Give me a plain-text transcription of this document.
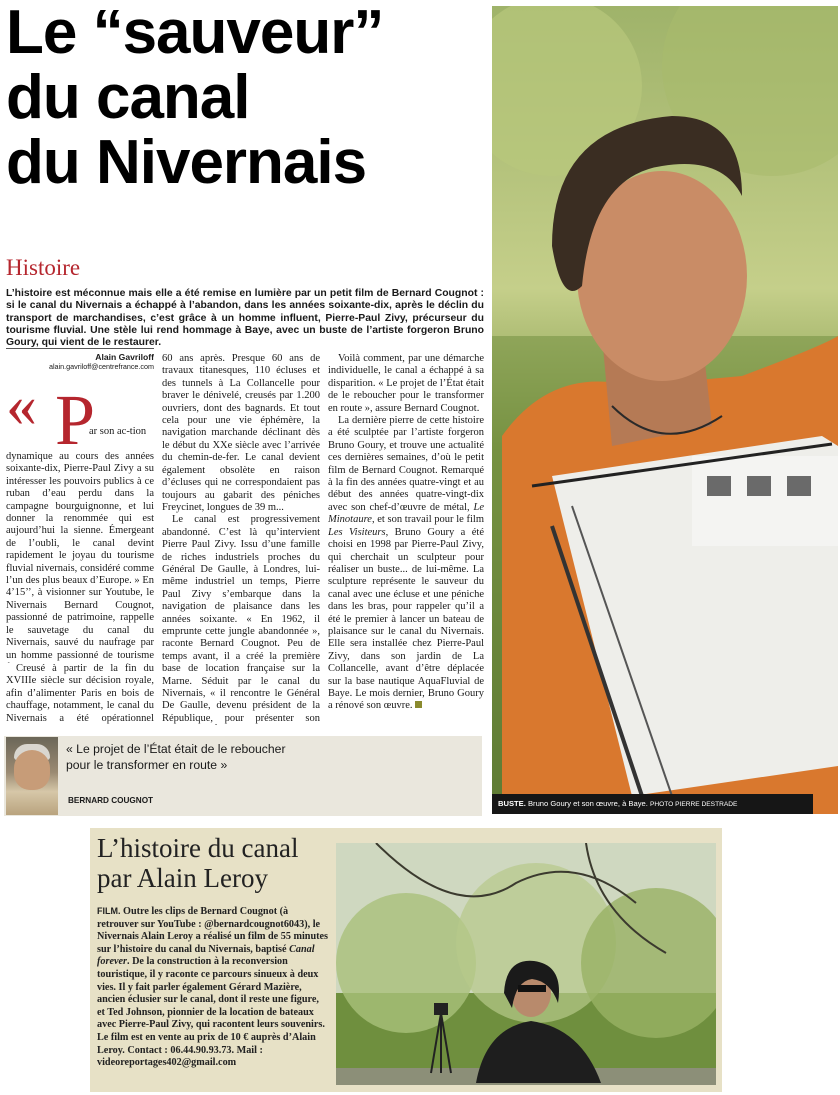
Le “sauveur”
du canal
du Nivernais
Histoire
L’histoire est méconnue mais elle a été remise en lumière par un petit film de Bernard Cougnot : si le canal du Nivernais a échappé à l’abandon, dans les années soixante-dix, après le déclin du transport de marchandises, c’est grâce à un homme influent, Pierre-Paul Zivy, précurseur du tourisme fluvial. Une stèle lui rend hommage à Baye, avec un buste de l’artiste forgeron Bruno Goury, qui vient de le restaurer.
Alain Gavriloff
alain.gavriloff@centrefrance.com
« P

ar son ac-tion

dynamique au cours des années soixante-dix, Pierre-Paul Zivy a su intéresser les pouvoirs publics à ce ruban d’eau perdu dans la campagne bourguignonne, et lui donner la renommée qui est aujourd’hui la sienne. Émergeant de l’oubli, le canal devint rapidement le joyau du tourisme fluvial nivernais, considéré comme l’un des plus beaux d’Europe. » En 4’15’’, à visionner sur Youtube, le Nivernais Bernard Cougnot, passionné de patrimoine, rappelle le sauvetage du canal du Nivernais, sauvé du naufrage par un homme passionné de tourisme

Creusé à partir de la fin du XVIIIe siècle sur décision royale, afin d’alimenter Paris en bois de chauffage, notamment, le canal du Nivernais a été opérationnel

60 ans après. Presque 60 ans de travaux titanesques, 110 écluses et des tunnels à La Collancelle pour braver le dénivelé, creusés par 1.200 ouvriers, dont des bagnards. Et tout cela pour une vie éphémère, la navigation marchande déclinant dès le début du XXe siècle avec l’arrivée du chemin-de-fer. Le canal devient également obsolète en raison d’écluses qui ne correspondaient pas toujours au gabarit des péniches Freycinet, longues de 39 m...

Le canal est progressivement abandonné. C’est là qu’intervient Pierre Paul Zivy. Issu d’une famille de riches industriels proches du Général De Gaulle, à Londres, lui-même industriel un temps, Pierre Paul Zivy s’embarque dans la navigation de plaisance dans les années soixante. « En 1962, il emprunte cette jungle abandonnée », raconte Bernard Cougnot. Peu de temps avant, il a créé la première base de location française sur la Marne. Séduit par le canal du Nivernais, « il rencontre le Général De Gaulle, devenu président de la République, pour présenter son

Voilà comment, par une démarche individuelle, le canal a échappé à sa disparition. « Le projet de l’État était de le reboucher pour le transformer en route », assure Bernard Cougnot.

La dernière pierre de cette histoire a été sculptée par l’artiste forgeron Bruno Goury, et trouve une actualité ces dernières semaines, d’où le petit film de Bernard Cougnot. Remarqué à la fin des années quatre-vingt et au début des années quatre-vingt-dix avec son chef-d’œuvre de métal, Le Minotaure, et son travail pour le film Les Visiteurs, Bruno Goury a été choisi en 1998 par Pierre-Paul Zivy, qui cherchait un sculpteur pour réaliser un buste... de lui-même. La sculpture représente le sauveur du canal avec une écluse et une péniche dans les bras, pour rappeler qu’il a été le premier à lancer un bateau de plaisance sur le canal du Nivernais. Elle sera installée chez Pierre-Paul Zivy, dans son jardin de La Collancelle, avant d’être déplacée sur la base nautique AquaFluvial de Baye. Le mois dernier, Bruno Goury a rénové son œuvre.

« Le projet de l’État était de le reboucher pour le transformer en route »
BERNARD COUGNOT	BUSTE. Bruno Goury et son œuvre, à Baye. PHOTO PIERRE DESTRADE
L’histoire du canal par Alain Leroy
FILM. Outre les clips de Bernard Cougnot (à retrouver sur YouTube : @bernardcougnot6043), le Nivernais Alain Leroy a réalisé un film de 55 minutes sur l’histoire du canal du Nivernais, baptisé Canal forever. De la construction à la reconversion touristique, il y raconte ce parcours sinueux à deux vies. Il y fait parler également Gérard Mazière, ancien éclusier sur le canal, dont il reste une figure, et Ted Johnson, pionnier de la location de bateaux avec Pierre-Paul Zivy, qui racontent leurs souvenirs. Le film est en vente au prix de 10 € auprès d’Alain Leroy. Contact : 06.44.90.93.73. Mail : videoreportages402@gmail.com
